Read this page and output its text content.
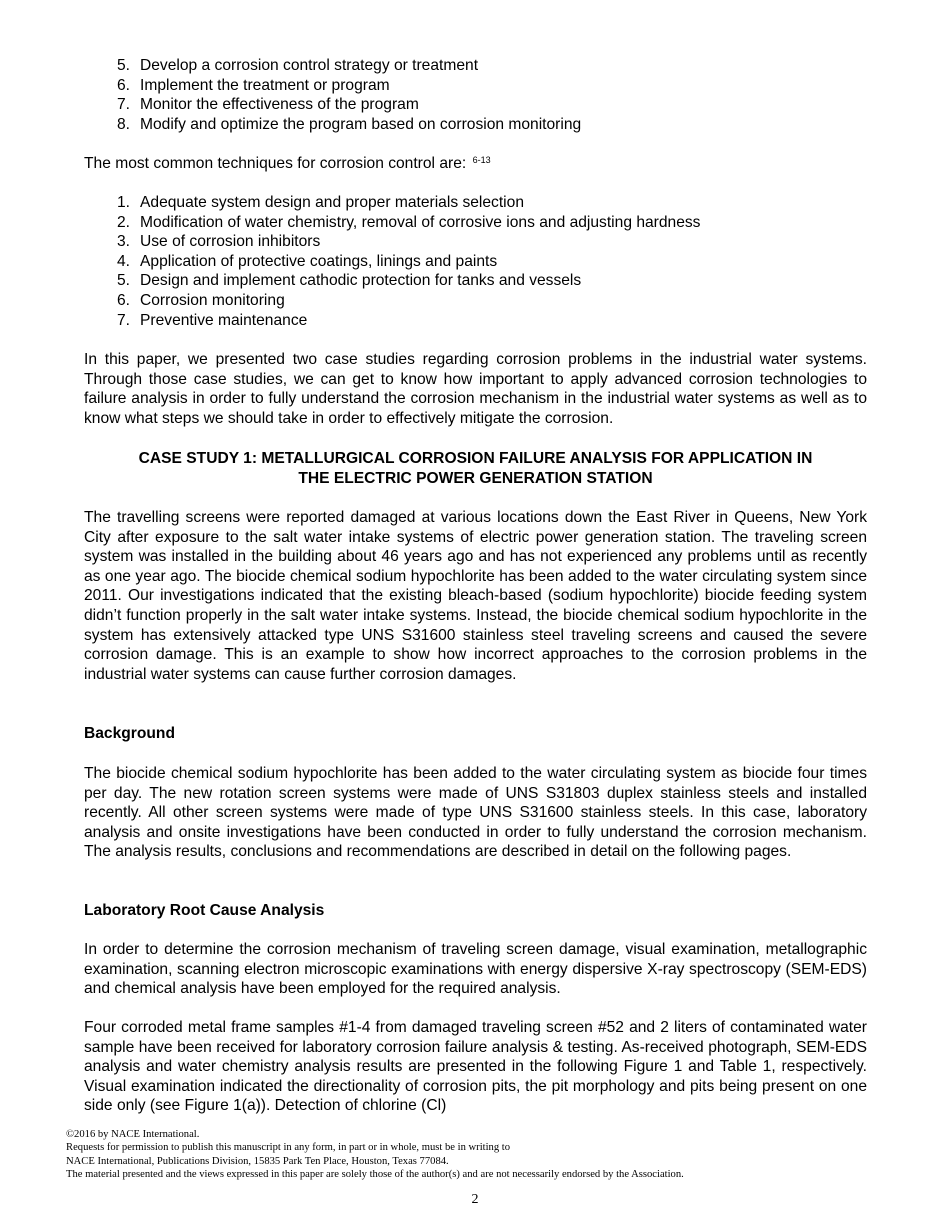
5 . Develop a corrosion control strategy or treatment
6 . Implement the treatment or program
7 . Monitor the effectiveness of the program
8 . Modify and optimize the program based on corrosion monitoring

The most common techniques for corrosion control are: $^{6-13}$

1 . Adequate system design and proper materials selection
2 . Modification of water chemistry, removal of corrosive ions and adjusting hardness
3 . Use of corrosion inhibitors
4 . Application of protective coatings, linings and paints
5 . Design and implement cathodic protection for tanks and vessels
6 . Corrosion monitoring
7 . Preventive maintenance

In this paper, we presented two case studies regarding corrosion problems in the industrial water systems. Through those case studies, we can get to know how important to apply advanced corrosion technologies to failure analysis in order to fully understand the corrosion mechanism in the industrial water systems as well as to know what steps we should take in order to effectively mitigate the corrosion.

CASE STUDY 1: METALLURGICAL CORROSION FAILURE ANALYSIS FOR APPLICATION IN
THE ELECTRIC POWER GENERATION STATION

The travelling screens were reported damaged at various locations down the East River in Queens, New York City after exposure to the salt water intake systems of electric power generation station. The traveling screen system was installed in the building about 46 years ago and has not experienced any problems until as recently as one year ago. The biocide chemical sodium hypochlorite has been added to the water circulating system since 2011. Our investigations indicated that the existing bleach-based (sodium hypochlorite) biocide feeding system didn’t function properly in the salt water intake systems. Instead, the biocide chemical sodium hypochlorite in the system has extensively attacked type UNS S31600 stainless steel traveling screens and caused the severe corrosion damage. This is an example to show how incorrect approaches to the corrosion problems in the industrial water systems can cause further corrosion damages.

Background

The biocide chemical sodium hypochlorite has been added to the water circulating system as biocide four times per day. The new rotation screen systems were made of UNS S31803 duplex stainless steels and installed recently. All other screen systems were made of type UNS S31600 stainless steels. In this case, laboratory analysis and onsite investigations have been conducted in order to fully understand the corrosion mechanism. The analysis results, conclusions and recommendations are described in detail on the following pages.

Laboratory Root Cause Analysis

In order to determine the corrosion mechanism of traveling screen damage, visual examination, metallographic examination, scanning electron microscopic examinations with energy dispersive X-ray spectroscopy (SEM-EDS) and chemical analysis have been employed for the required analysis.

Four corroded metal frame samples #1-4 from damaged traveling screen #52 and 2 liters of contaminated water sample have been received for laboratory corrosion failure analysis & testing. As-received photograph, SEM-EDS analysis and water chemistry analysis results are presented in the following Figure 1 and Table 1, respectively. Visual examination indicated the directionality of corrosion pits, the pit morphology and pits being present on one side only (see Figure 1(a)). Detection of chlorine (Cl)

©2016 by NACE International.
Requests for permission to publish this manuscript in any form, in part or in whole, must be in writing to
NACE International, Publications Division, 15835 Park Ten Place, Houston, Texas 77084.
The material presented and the views expressed in this paper are solely those of the author(s) and are not necessarily endorsed by the Association.
2
